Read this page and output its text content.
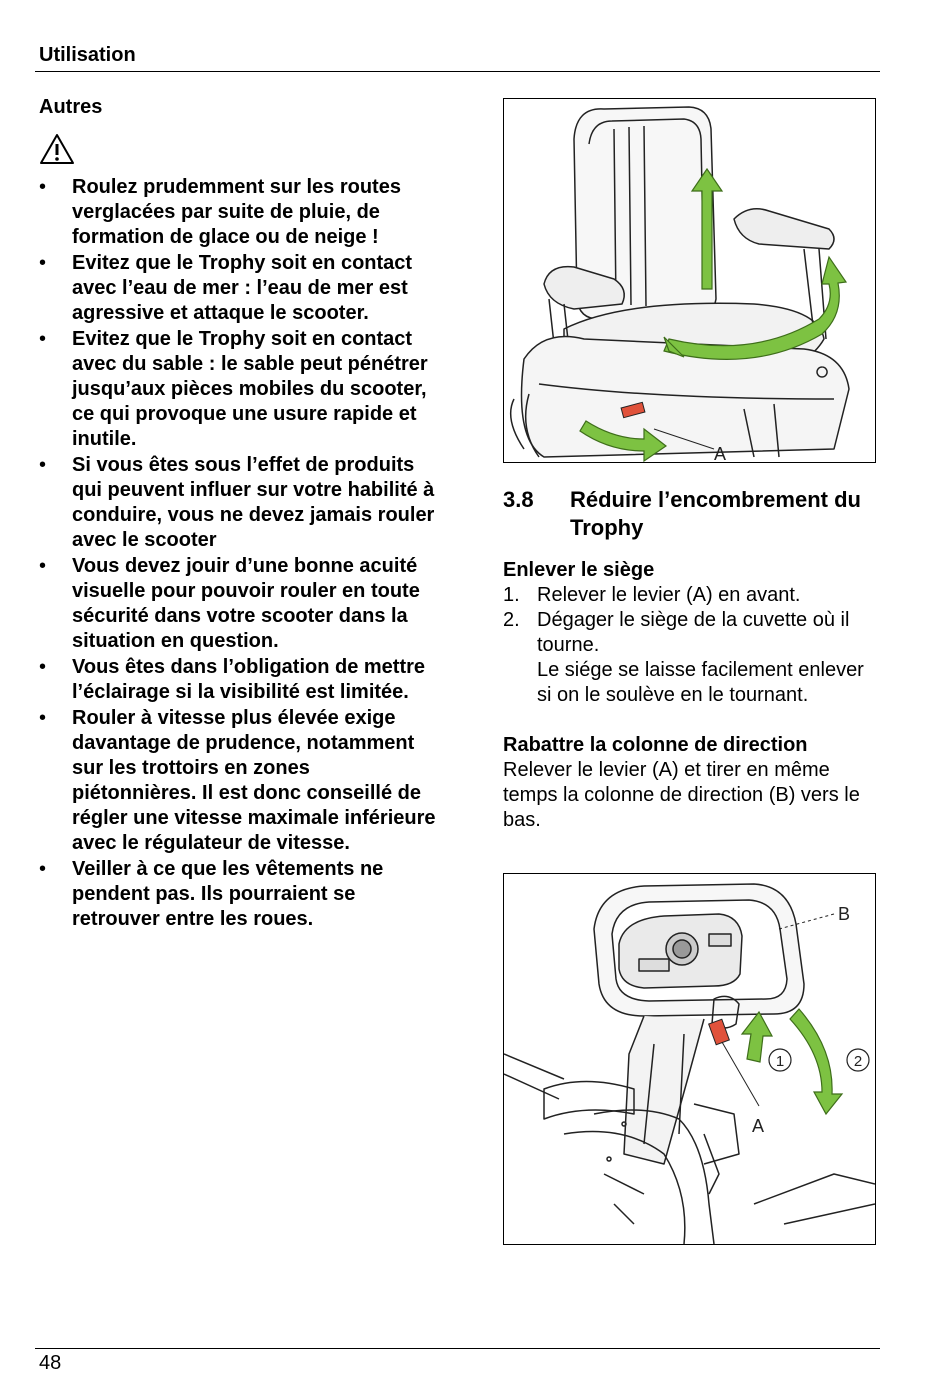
Utilisation
Autres
• Roulez prudemment sur les routes verglacées par suite de pluie, de formation de glace ou de neige !
• Evitez que le Trophy soit en contact avec l’eau de mer : l’eau de mer est agressive et attaque le scooter.
• Evitez que le Trophy soit en contact avec du sable : le sable peut pénétrer jusqu’aux pièces mobiles du scooter, ce qui provoque une usure rapide et inutile.
• Si vous êtes sous l’effet de produits qui peuvent influer sur votre habilité à conduire, vous ne devez jamais rouler avec le scooter
• Vous devez jouir d’une bonne acuité visuelle pour pouvoir rouler en toute sécurité dans votre scooter dans la situation en question.
• Vous êtes dans l’obligation de mettre l’éclairage si la visibilité est limitée.
• Rouler à vitesse plus élevée exige davantage de prudence, notamment sur les trottoirs en zones piétonnières. Il est donc conseillé de régler une vitesse maximale inférieure avec le régulateur de vitesse.
• Veiller à ce que les vêtements ne pendent pas. Ils pourraient se retrouver entre les roues.
A
3.8	Réduire l’encombrement du Trophy
Enlever le siège
1. Relever le levier (A) en avant.
2. Dégager le siège de la cuvette où il tourne.
Le siége se laisse facilement enlever si on le soulève en le tournant.
Rabattre la colonne de direction
Relever le levier (A) et tirer en même temps la colonne de direction (B) vers le bas.
A
B
1	2
48
